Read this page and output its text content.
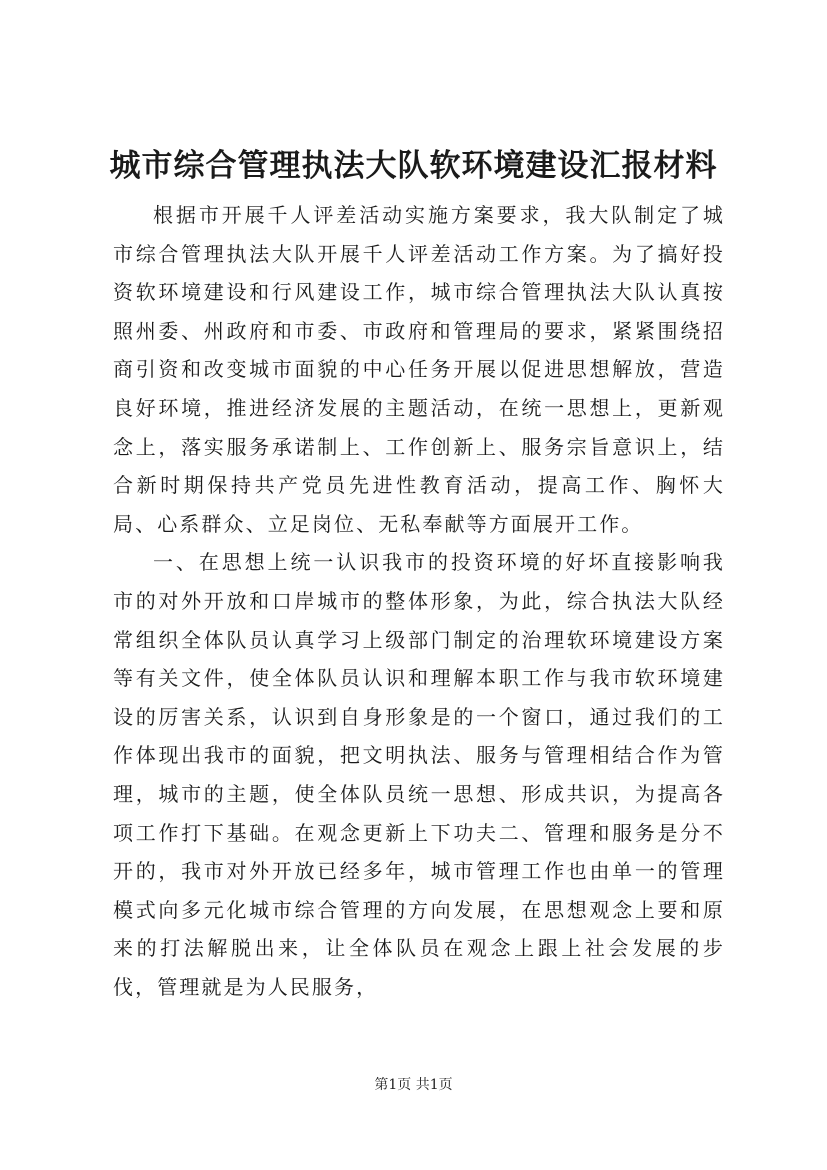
城市综合管理执法大队软环境建设汇报材料

根据市开展千人评差活动实施方案要求，我大队制定了城市综合管理执法大队开展千人评差活动工作方案。为了搞好投资软环境建设和行风建设工作，城市综合管理执法大队认真按照州委、州政府和市委、市政府和管理局的要求，紧紧围绕招商引资和改变城市面貌的中心任务开展以促进思想解放，营造良好环境，推进经济发展的主题活动，在统一思想上，更新观念上，落实服务承诺制上、工作创新上、服务宗旨意识上，结合新时期保持共产党员先进性教育活动，提高工作、胸怀大局、心系群众、立足岗位、无私奉献等方面展开工作。

一、在思想上统一认识我市的投资环境的好坏直接影响我市的对外开放和口岸城市的整体形象，为此，综合执法大队经常组织全体队员认真学习上级部门制定的治理软环境建设方案等有关文件，使全体队员认识和理解本职工作与我市软环境建设的厉害关系，认识到自身形象是的一个窗口，通过我们的工作体现出我市的面貌，把文明执法、服务与管理相结合作为管理，城市的主题，使全体队员统一思想、形成共识，为提高各项工作打下基础。在观念更新上下功夫二、管理和服务是分不开的，我市对外开放已经多年，城市管理工作也由单一的管理模式向多元化城市综合管理的方向发展，在思想观念上要和原来的打法解脱出来，让全体队员在观念上跟上社会发展的步伐，管理就是为人民服务，

第1页 共1页
